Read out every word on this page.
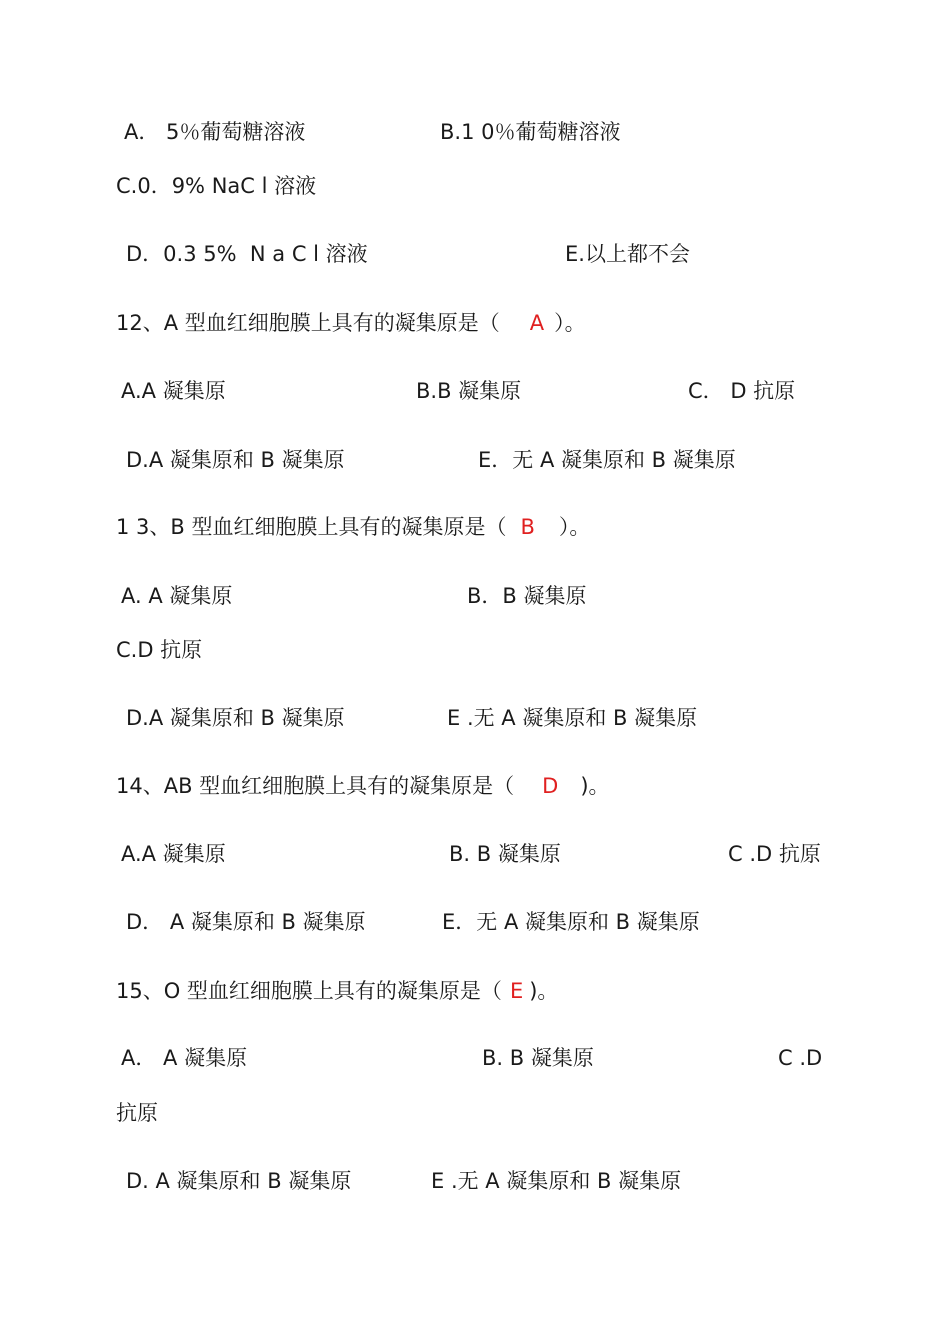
A． 5％葡萄糖溶液	B.1 0％葡萄糖溶液
C.0．9% NaC l 溶液
D．0.3 5%  N a C l 溶液	E.以上都不会
12、A 型血红细胞膜上具有的凝集原是（ A ）。
A.A 凝集原	B.B 凝集原	C． D 抗原
D.A 凝集原和 B 凝集原	E．无 A 凝集原和 B 凝集原
1 3、B 型血红细胞膜上具有的凝集原是（ B ）。
A. A 凝集原	B．B 凝集原
C.D 抗原
D.A 凝集原和 B 凝集原	E .无 A 凝集原和 B 凝集原
14、AB 型血红细胞膜上具有的凝集原是（ D )。
A.A 凝集原	B. B 凝集原	C .D 抗原
D． A 凝集原和 B 凝集原	E．无 A 凝集原和 B 凝集原
15、O 型血红细胞膜上具有的凝集原是（ E )。
A． A 凝集原	B. B 凝集原	C .D
抗原
D. A 凝集原和 B 凝集原	E .无 A 凝集原和 B 凝集原
